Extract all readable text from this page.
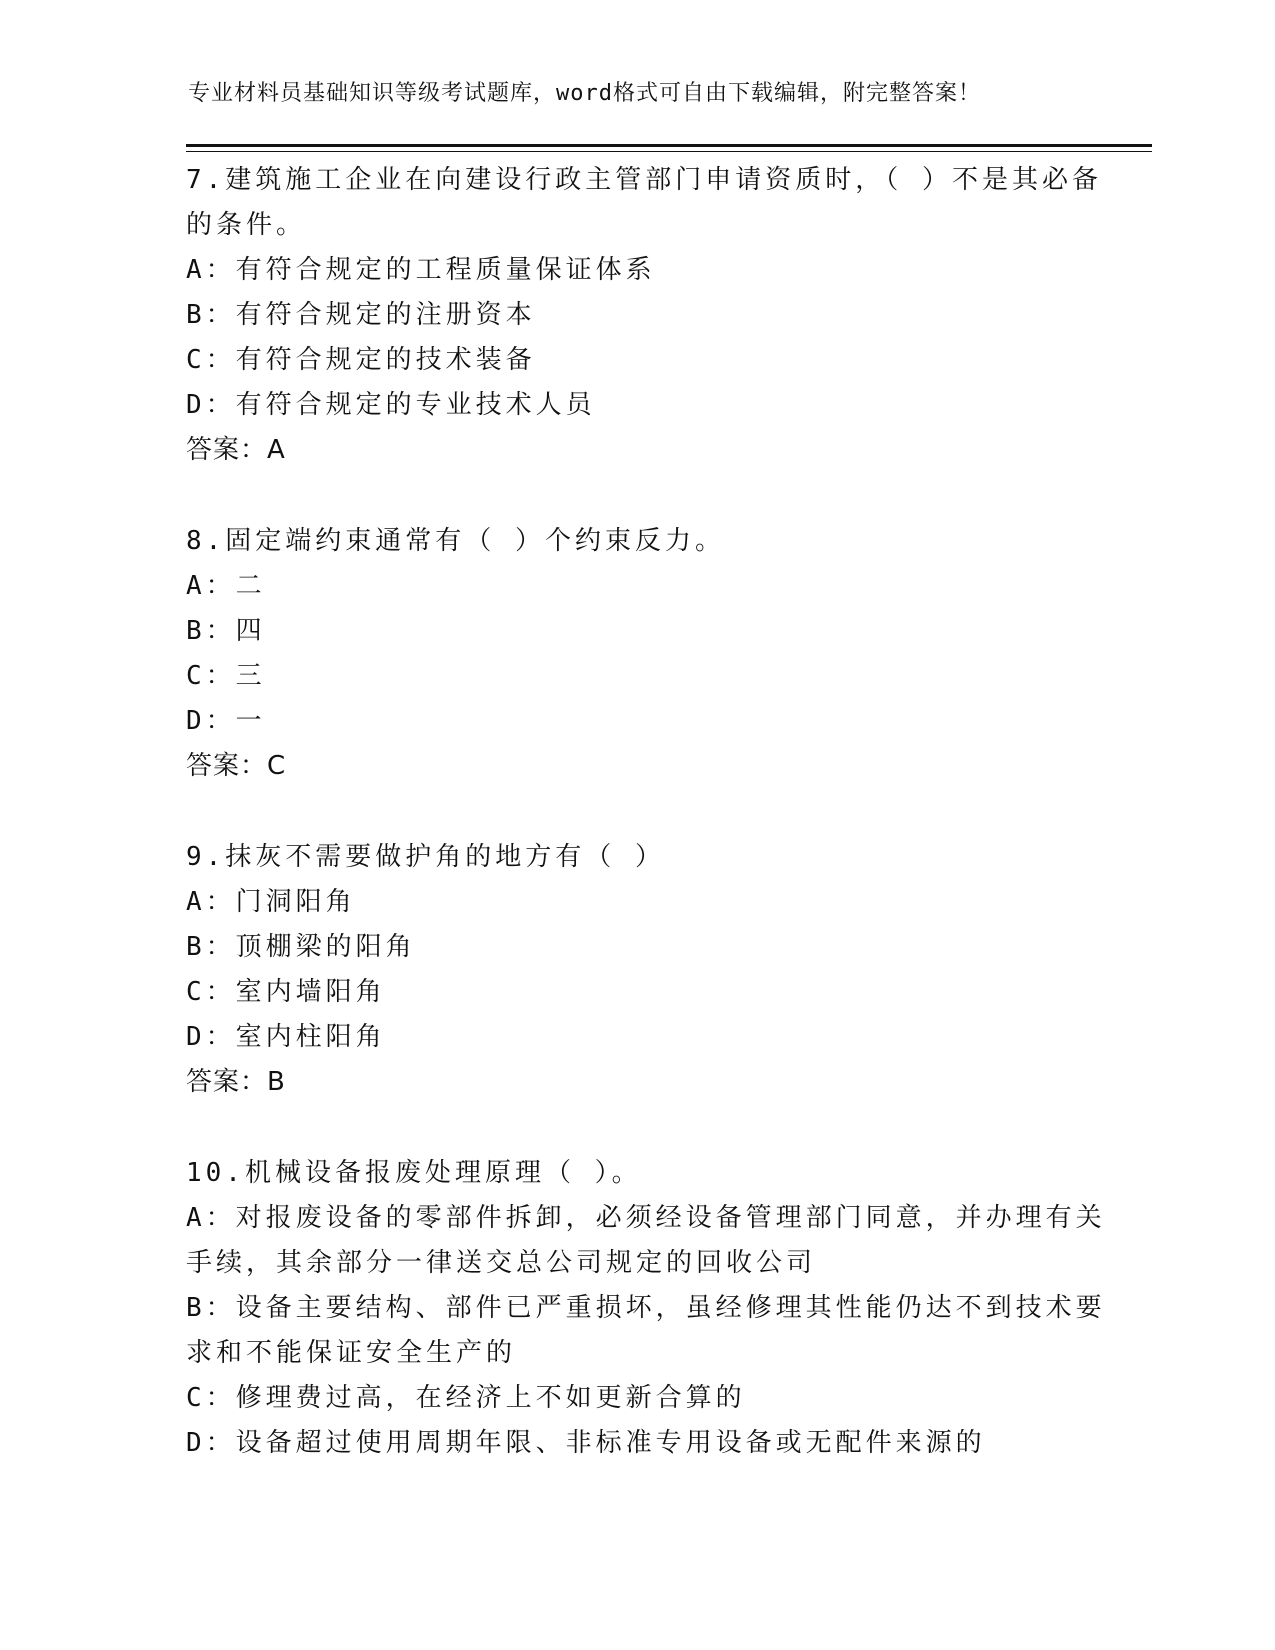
专业材料员基础知识等级考试题库，word格式可自由下载编辑，附完整答案！
7.建筑施工企业在向建设行政主管部门申请资质时，（ ）不是其必备
的条件。
A：有符合规定的工程质量保证体系
B：有符合规定的注册资本
C：有符合规定的技术装备
D：有符合规定的专业技术人员
答案：A
8.固定端约束通常有（ ）个约束反力。
A：二
B：四
C：三
D：一
答案：C
9.抹灰不需要做护角的地方有（ ）
A：门洞阳角
B：顶棚梁的阳角
C：室内墙阳角
D：室内柱阳角
答案：B
10.机械设备报废处理原理（ ）。
A：对报废设备的零部件拆卸，必须经设备管理部门同意，并办理有关
手续，其余部分一律送交总公司规定的回收公司
B：设备主要结构、部件已严重损坏，虽经修理其性能仍达不到技术要
求和不能保证安全生产的
C：修理费过高，在经济上不如更新合算的
D：设备超过使用周期年限、非标准专用设备或无配件来源的
